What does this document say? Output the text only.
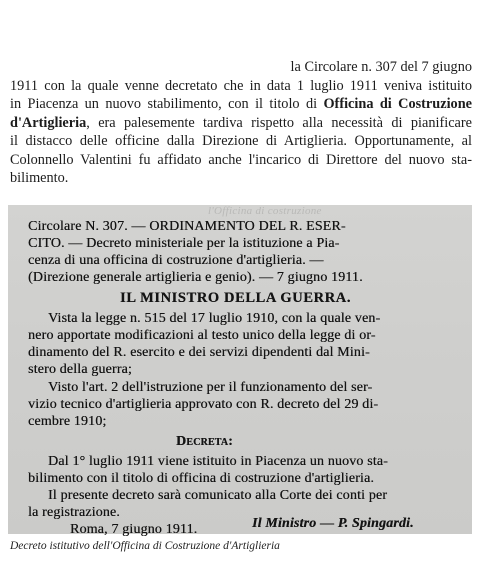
la Circolare n. 307 del 7 giugno
1911 con la quale venne decretato che in data 1 luglio 1911 veniva istituito
in Piacenza un nuovo stabilimento, con il titolo di Officina di Costruzione
d'Artiglieria, era palesemente tardiva rispetto alla necessità di pianificare
il distacco delle officine dalla Direzione di Artiglieria. Opportunamente, al
Colonnello Valentini fu affidato anche l'incarico di Direttore del nuovo sta-
bilimento.
l'Officina di costruzione
Circolare N. 307. — ORDINAMENTO DEL R. ESER-
CITO. — Decreto ministeriale per la istituzione a Pia-
cenza di una officina di costruzione d'artiglieria. —
(Direzione generale artiglieria e genio). — 7 giugno 1911.
IL MINISTRO DELLA GUERRA.
Vista la legge n. 515 del 17 luglio 1910, con la quale ven-
nero apportate modificazioni al testo unico della legge di or-
dinamento del R. esercito e dei servizi dipendenti dal Mini-
stero della guerra;
Visto l'art. 2 dell'istruzione per il funzionamento del ser-
vizio tecnico d'artiglieria approvato con R. decreto del 29 di-
cembre 1910;
Decreta:
Dal 1° luglio 1911 viene istituito in Piacenza un nuovo sta-
bilimento con il titolo di officina di costruzione d'artiglieria.
Il presente decreto sarà comunicato alla Corte dei conti per
la registrazione.
Roma, 7 giugno 1911.	Il Ministro — P. Spingardi.
Decreto istitutivo dell'Officina di Costruzione d'Artiglieria
